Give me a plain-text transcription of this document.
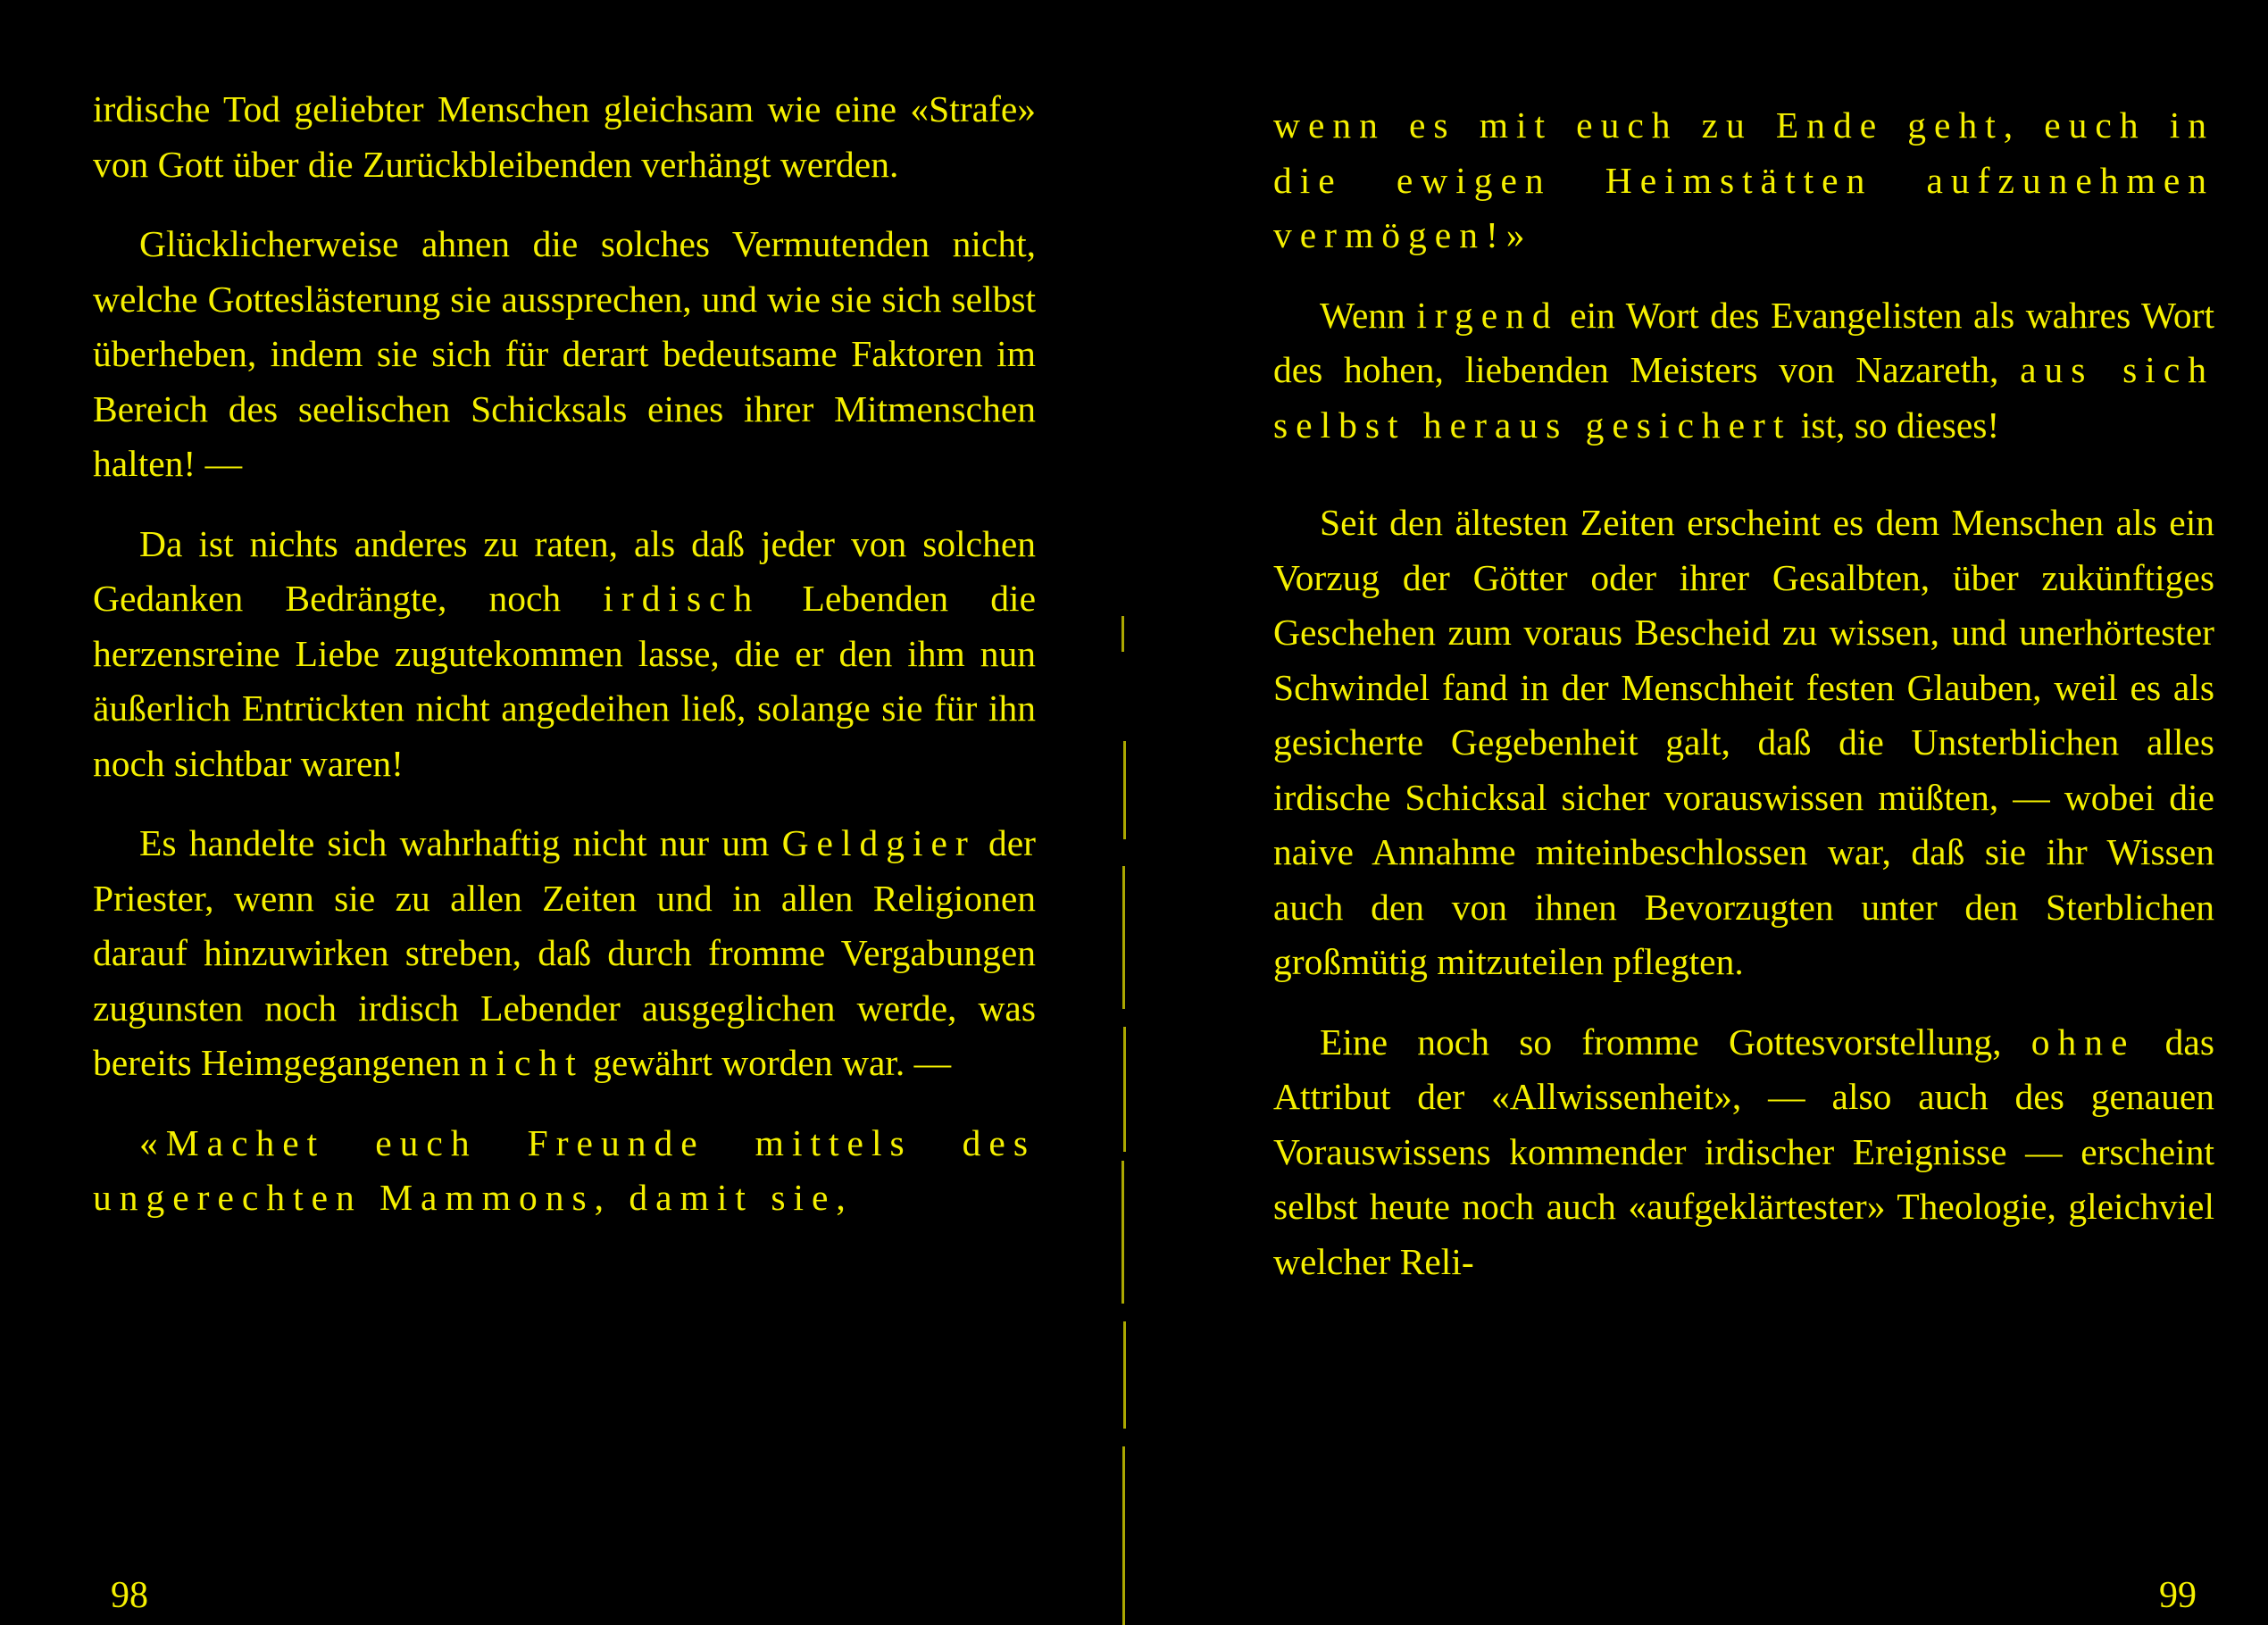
irdische Tod geliebter Menschen gleichsam wie eine «Strafe» von Gott über die Zurückbleibenden verhängt werden.

Glücklicherweise ahnen die solches Vermutenden nicht, welche Gotteslästerung sie aussprechen, und wie sie sich selbst überheben, indem sie sich für derart bedeutsame Faktoren im Bereich des seelischen Schicksals eines ihrer Mitmenschen halten! —

Da ist nichts anderes zu raten, als daß jeder von solchen Gedanken Bedrängte, noch irdisch Lebenden die herzensreine Liebe zugutekommen lasse, die er den ihm nun äußerlich Entrückten nicht angedeihen ließ, solange sie für ihn noch sichtbar waren!

Es handelte sich wahrhaftig nicht nur um Geldgier der Priester, wenn sie zu allen Zeiten und in allen Religionen darauf hinzuwirken streben, daß durch fromme Vergabungen zugunsten noch irdisch Lebender ausgeglichen werde, was bereits Heimgegangenen nicht gewährt worden war. —

«Machet euch Freunde mittels des ungerechten Mammons, damit sie,

98

wenn es mit euch zu Ende geht, euch in die ewigen Heimstätten aufzunehmen vermögen!»

Wenn irgend ein Wort des Evangelisten als wahres Wort des hohen, liebenden Meisters von Nazareth, aus sich selbst heraus gesichert ist, so dieses!

Seit den ältesten Zeiten erscheint es dem Menschen als ein Vorzug der Götter oder ihrer Gesalbten, über zukünftiges Geschehen zum voraus Bescheid zu wissen, und unerhörtester Schwindel fand in der Menschheit festen Glauben, weil es als gesicherte Gegebenheit galt, daß die Unsterblichen alles irdische Schicksal sicher vorauswissen müßten, — wobei die naive Annahme miteinbeschlossen war, daß sie ihr Wissen auch den von ihnen Bevorzugten unter den Sterblichen großmütig mitzuteilen pflegten.

Eine noch so fromme Gottesvorstellung, ohne das Attribut der «Allwissenheit», — also auch des genauen Vorauswissens kommender irdischer Ereignisse — erscheint selbst heute noch auch «aufgeklärtester» Theologie, gleichviel welcher Reli-

99
